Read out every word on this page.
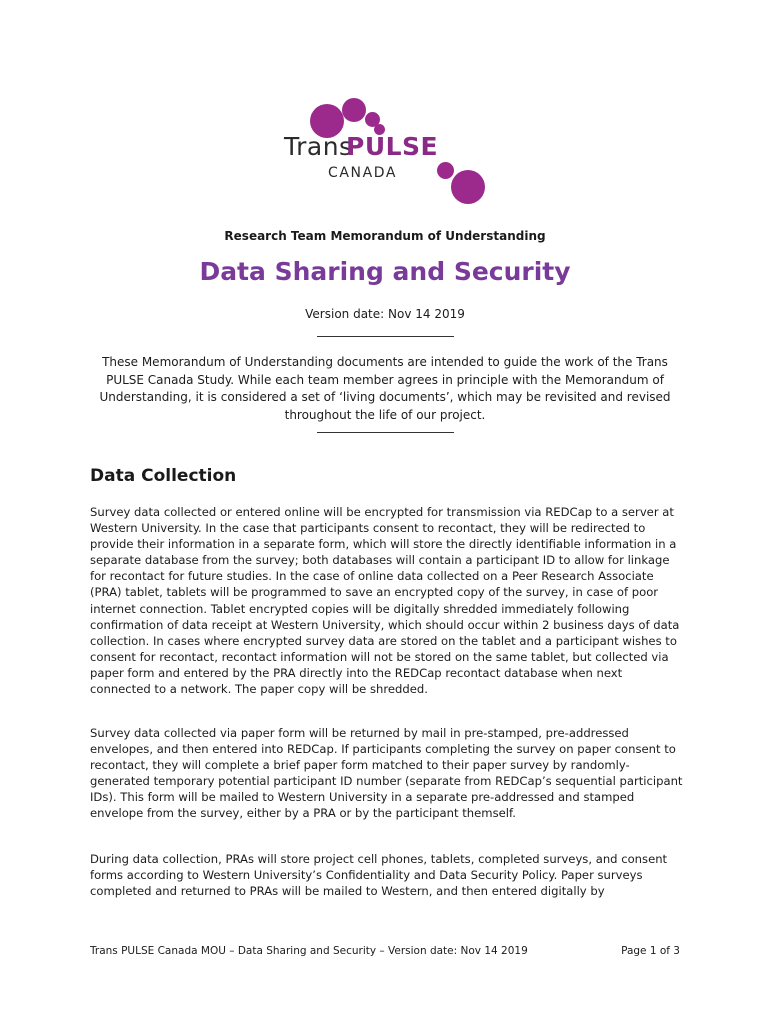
Trans
PULSE
CANADA
Research Team Memorandum of Understanding
Data Sharing and Security
Version date: Nov 14 2019
These Memorandum of Understanding documents are intended to guide the work of the Trans PULSE Canada Study. While each team member agrees in principle with the Memorandum of Understanding, it is considered a set of ‘living documents’, which may be revisited and revised throughout the life of our project.
Data Collection

Survey data collected or entered online will be encrypted for transmission via REDCap to a server at Western University. In the case that participants consent to recontact, they will be redirected to provide their information in a separate form, which will store the directly identifiable information in a separate database from the survey; both databases will contain a participant ID to allow for linkage for recontact for future studies. In the case of online data collected on a Peer Research Associate (PRA) tablet, tablets will be programmed to save an encrypted copy of the survey, in case of poor internet connection. Tablet encrypted copies will be digitally shredded immediately following confirmation of data receipt at Western University, which should occur within 2 business days of data collection. In cases where encrypted survey data are stored on the tablet and a participant wishes to consent for recontact, recontact information will not be stored on the same tablet, but collected via paper form and entered by the PRA directly into the REDCap recontact database when next connected to a network. The paper copy will be shredded.

Survey data collected via paper form will be returned by mail in pre-stamped, pre-addressed envelopes, and then entered into REDCap. If participants completing the survey on paper consent to recontact, they will complete a brief paper form matched to their paper survey by randomly-generated temporary potential participant ID number (separate from REDCap’s sequential participant IDs). This form will be mailed to Western University in a separate pre-addressed and stamped envelope from the survey, either by a PRA or by the participant themself.

During data collection, PRAs will store project cell phones, tablets, completed surveys, and consent forms according to Western University’s Confidentiality and Data Security Policy. Paper surveys completed and returned to PRAs will be mailed to Western, and then entered digitally by

Trans PULSE Canada MOU – Data Sharing and Security – Version date: Nov 14 2019	Page 1 of 3
